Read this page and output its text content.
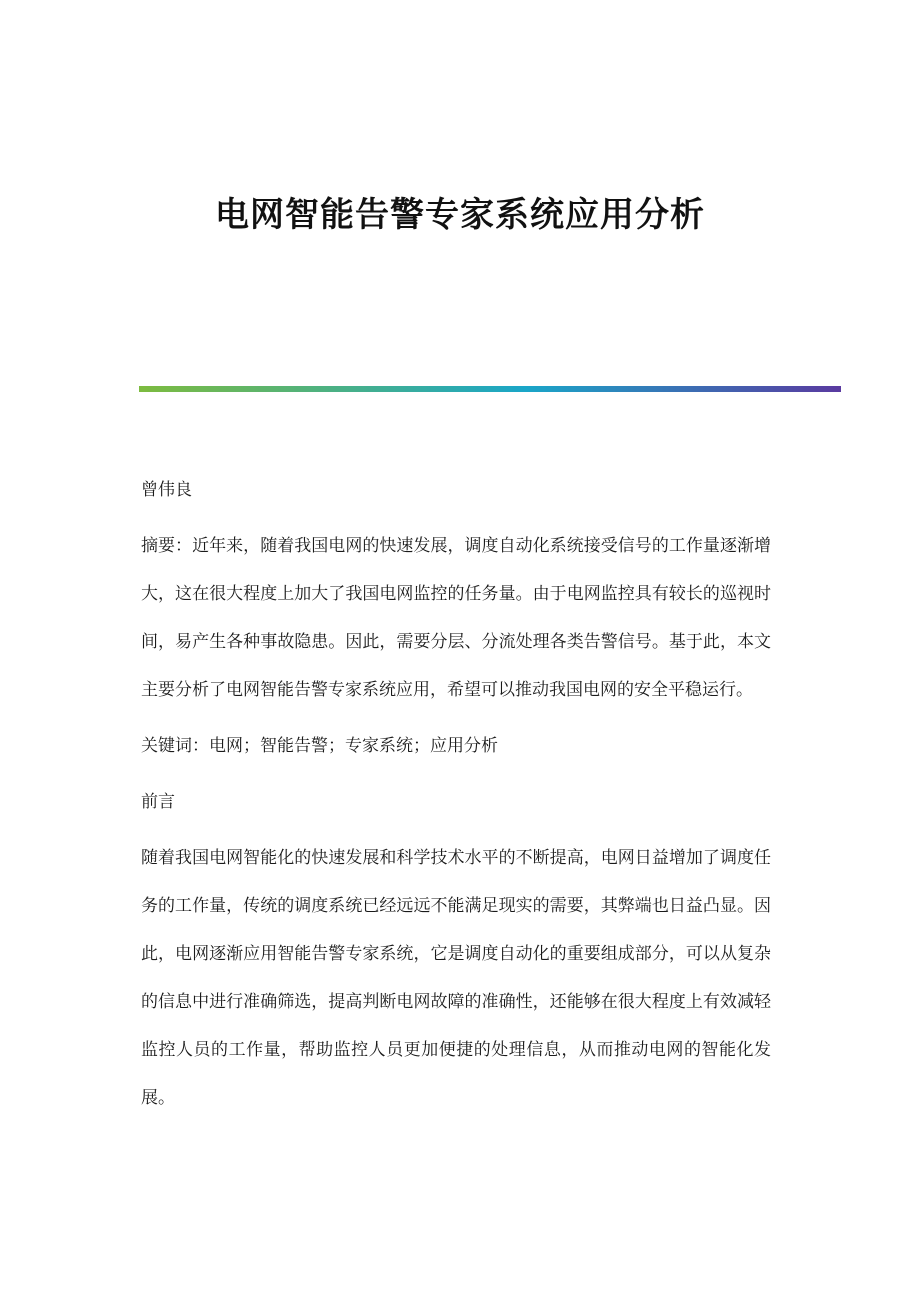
电网智能告警专家系统应用分析

曾伟良

摘要：近年来，随着我国电网的快速发展，调度自动化系统接受信号的工作量逐渐增大，这在很大程度上加大了我国电网监控的任务量。由于电网监控具有较长的巡视时间，易产生各种事故隐患。因此，需要分层、分流处理各类告警信号。基于此，本文主要分析了电网智能告警专家系统应用，希望可以推动我国电网的安全平稳运行。

关键词：电网；智能告警；专家系统；应用分析

前言

随着我国电网智能化的快速发展和科学技术水平的不断提高，电网日益增加了调度任务的工作量，传统的调度系统已经远远不能满足现实的需要，其弊端也日益凸显。因此，电网逐渐应用智能告警专家系统，它是调度自动化的重要组成部分，可以从复杂的信息中进行准确筛选，提高判断电网故障的准确性，还能够在很大程度上有效减轻监控人员的工作量，帮助监控人员更加便捷的处理信息，从而推动电网的智能化发展。
